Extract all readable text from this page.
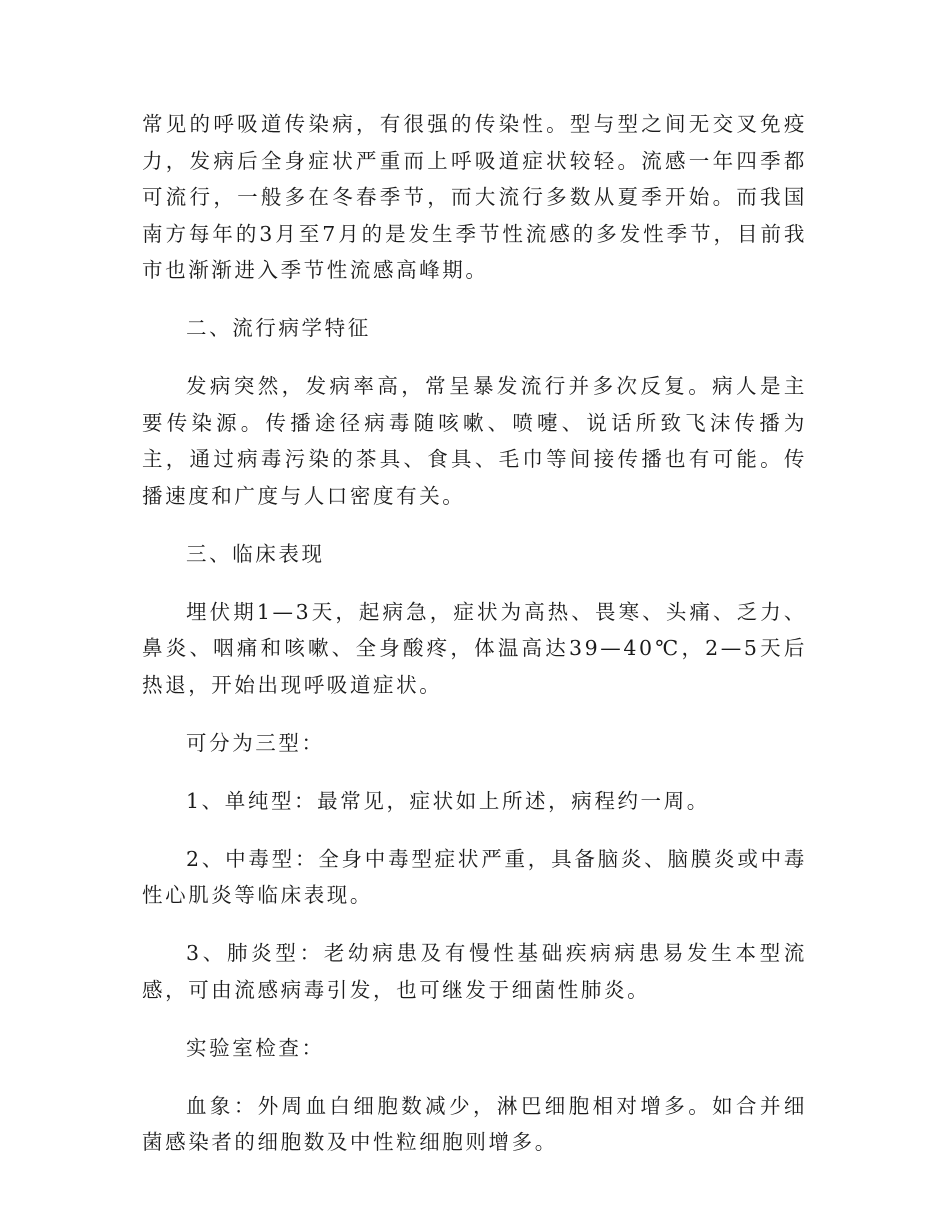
常见的呼吸道传染病，有很强的传染性。型与型之间无交叉免疫力，发病后全身症状严重而上呼吸道症状较轻。流感一年四季都可流行，一般多在冬春季节，而大流行多数从夏季开始。而我国南方每年的3月至7月的是发生季节性流感的多发性季节，目前我市也渐渐进入季节性流感高峰期。

二、流行病学特征

发病突然，发病率高，常呈暴发流行并多次反复。病人是主要传染源。传播途径病毒随咳嗽、喷嚏、说话所致飞沫传播为主，通过病毒污染的茶具、食具、毛巾等间接传播也有可能。传播速度和广度与人口密度有关。

三、临床表现

埋伏期1—3天，起病急，症状为高热、畏寒、头痛、乏力、鼻炎、咽痛和咳嗽、全身酸疼，体温高达39—40℃，2—5天后热退，开始出现呼吸道症状。

可分为三型：

1、单纯型：最常见，症状如上所述，病程约一周。

2、中毒型：全身中毒型症状严重，具备脑炎、脑膜炎或中毒性心肌炎等临床表现。

3、肺炎型：老幼病患及有慢性基础疾病病患易发生本型流感，可由流感病毒引发，也可继发于细菌性肺炎。

实验室检查：

血象：外周血白细胞数减少，淋巴细胞相对增多。如合并细菌感染者的细胞数及中性粒细胞则增多。
